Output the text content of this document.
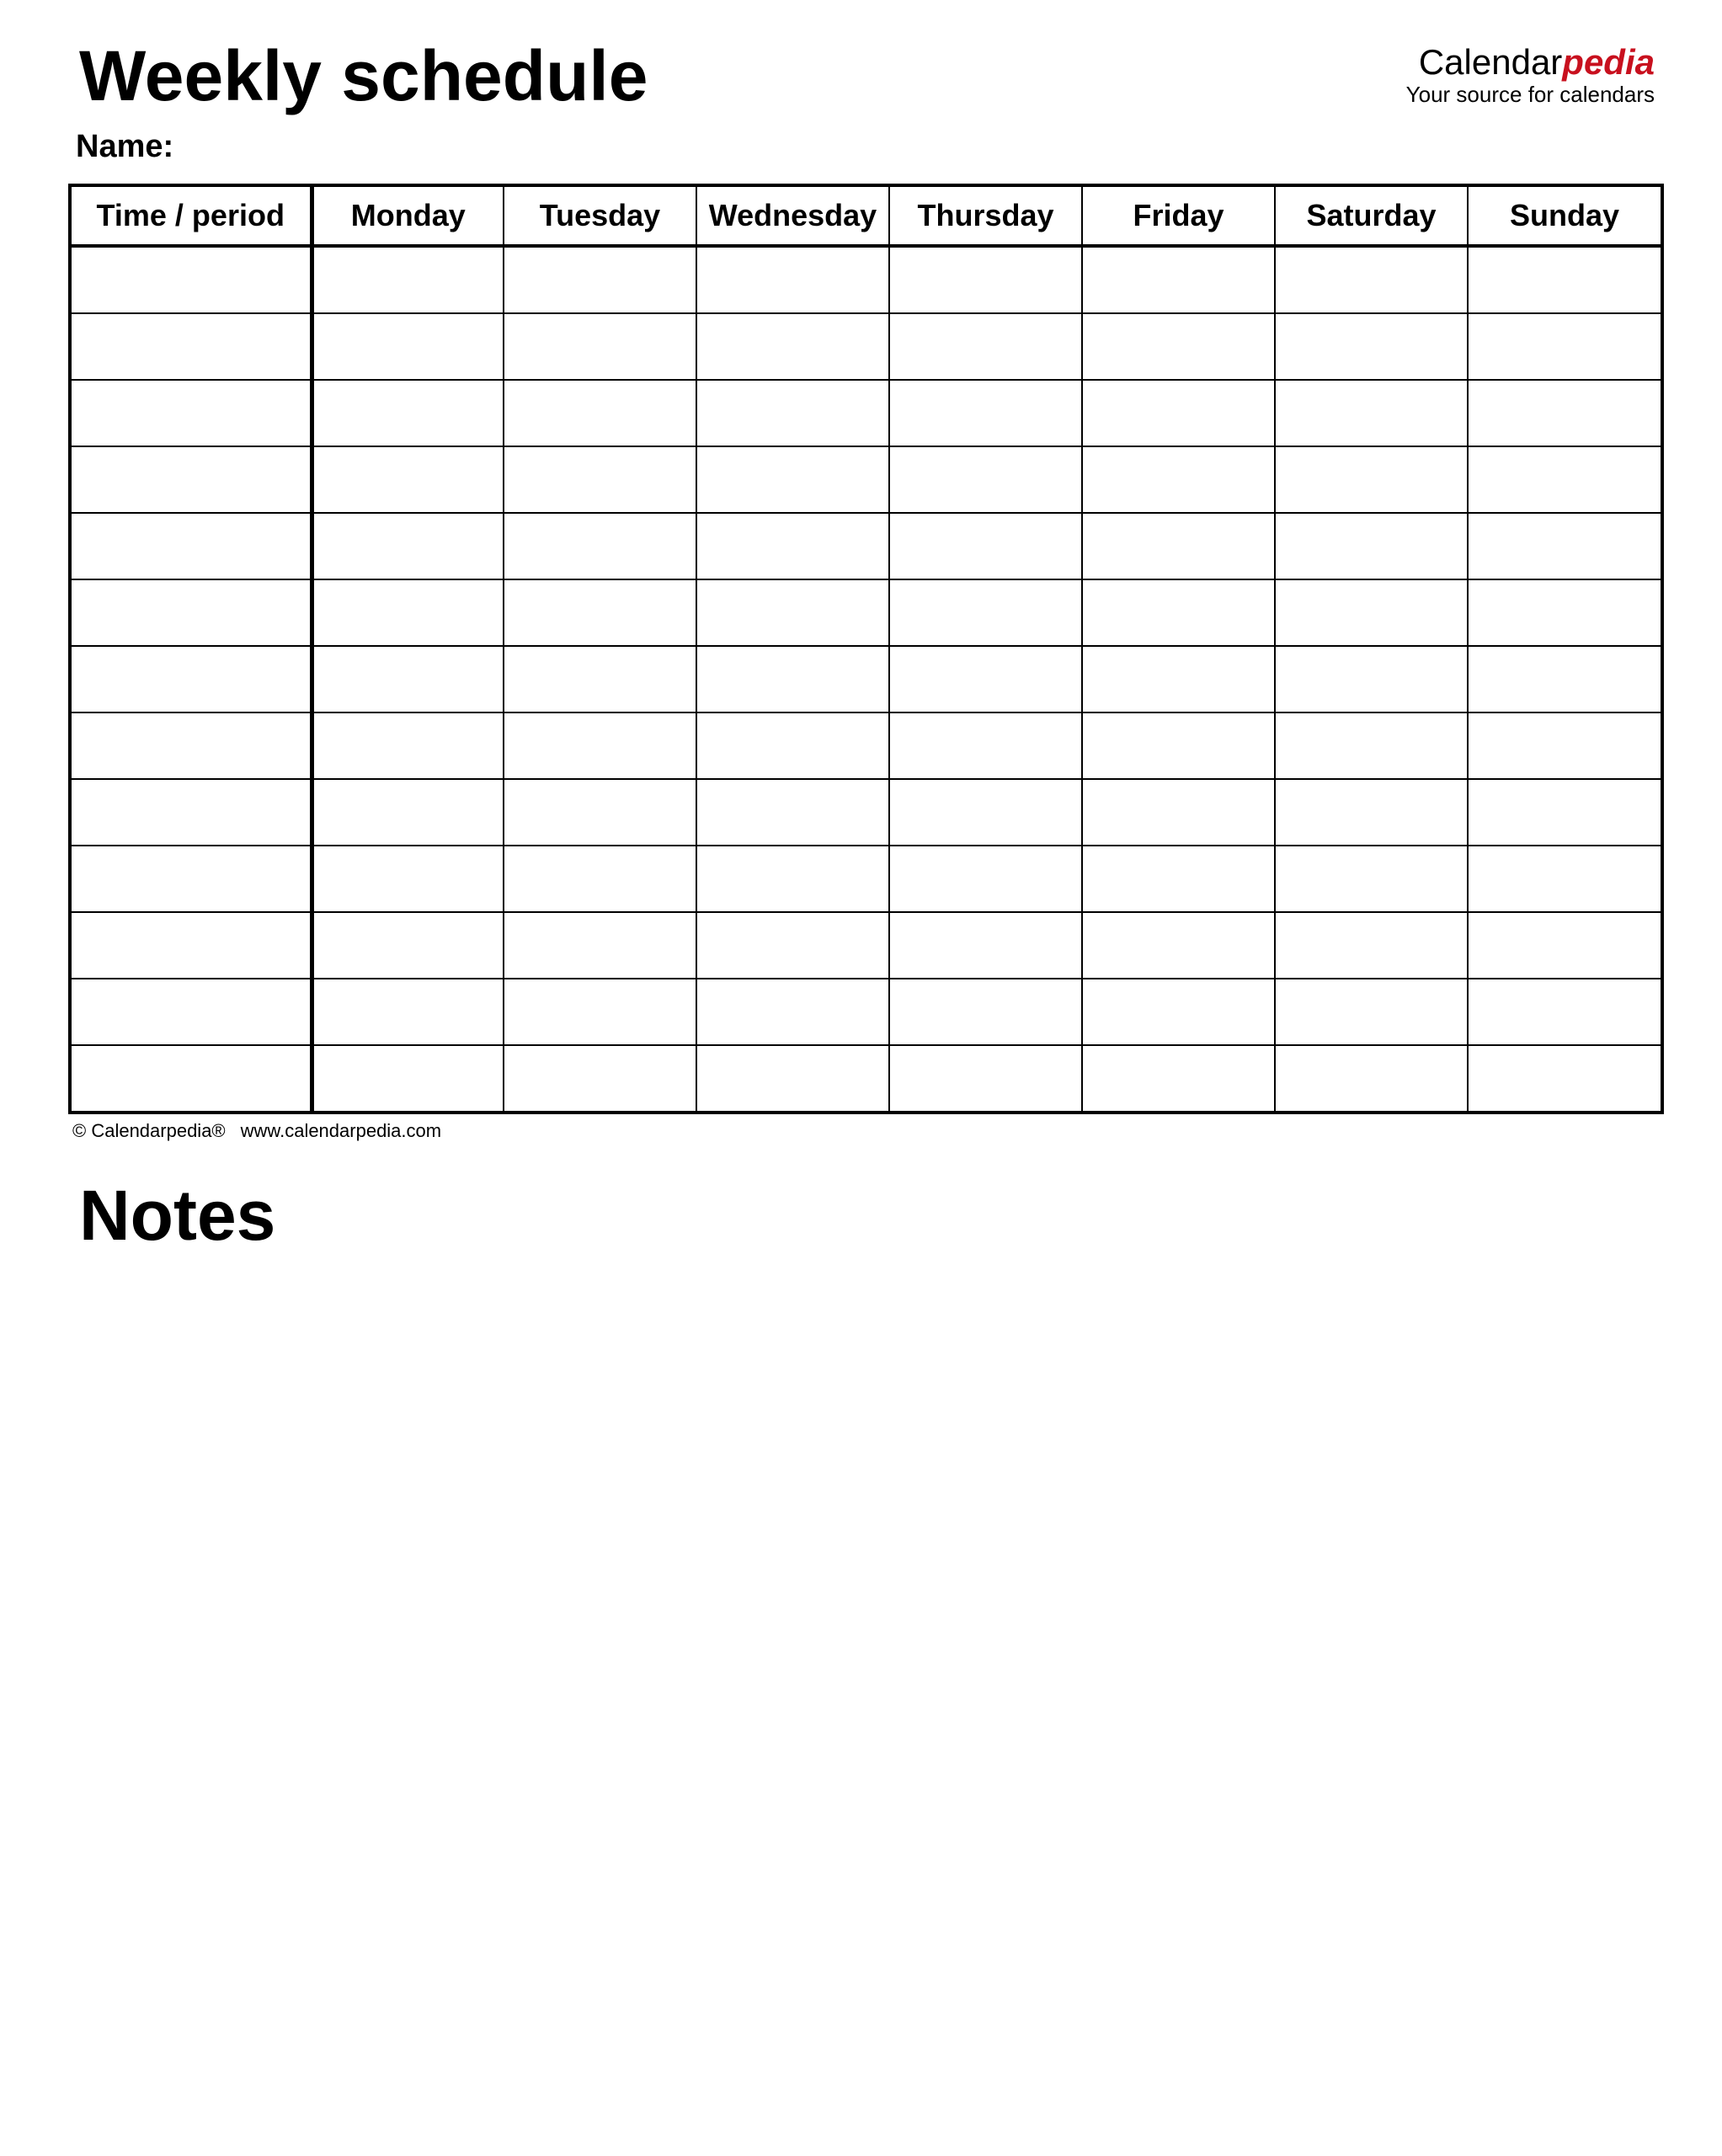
Weekly schedule	Calendarpedia
Your source for calendars
Name:
Time / period	Monday	Tuesday	Wednesday	Thursday	Friday	Saturday	Sunday

© Calendarpedia® www.calendarpedia.com
Notes
